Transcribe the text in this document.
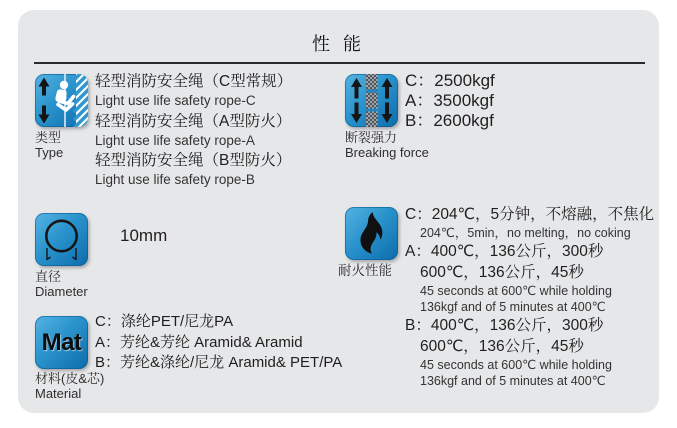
性 能
类型
Type
轻型消防安全绳（C型常规）
Light use life safety rope-C
轻型消防安全绳（A型防火）
Light use life safety rope-A
轻型消防安全绳（B型防火）
Light use life safety rope-B
断裂强力
Breaking force
C：2500kgf
A：3500kgf
B：2600kgf
10mm
直径
Diameter
耐火性能
C：204℃，5分钟，不熔融，不焦化
204℃，5min，no melting，no coking
A：400℃，136公斤，300秒
600℃，136公斤，45秒
45 seconds at 600℃ while holding
136kgf and of 5 minutes at 400℃
B：400℃，136公斤，300秒
600℃，136公斤，45秒
45 seconds at 600℃ while holding
136kgf and of 5 minutes at 400℃
Mat
C：涤纶PET/尼龙PA
A：芳纶&芳纶 Aramid& Aramid
B：芳纶&涤纶/尼龙 Aramid& PET/PA
材料(皮&芯)
Material
